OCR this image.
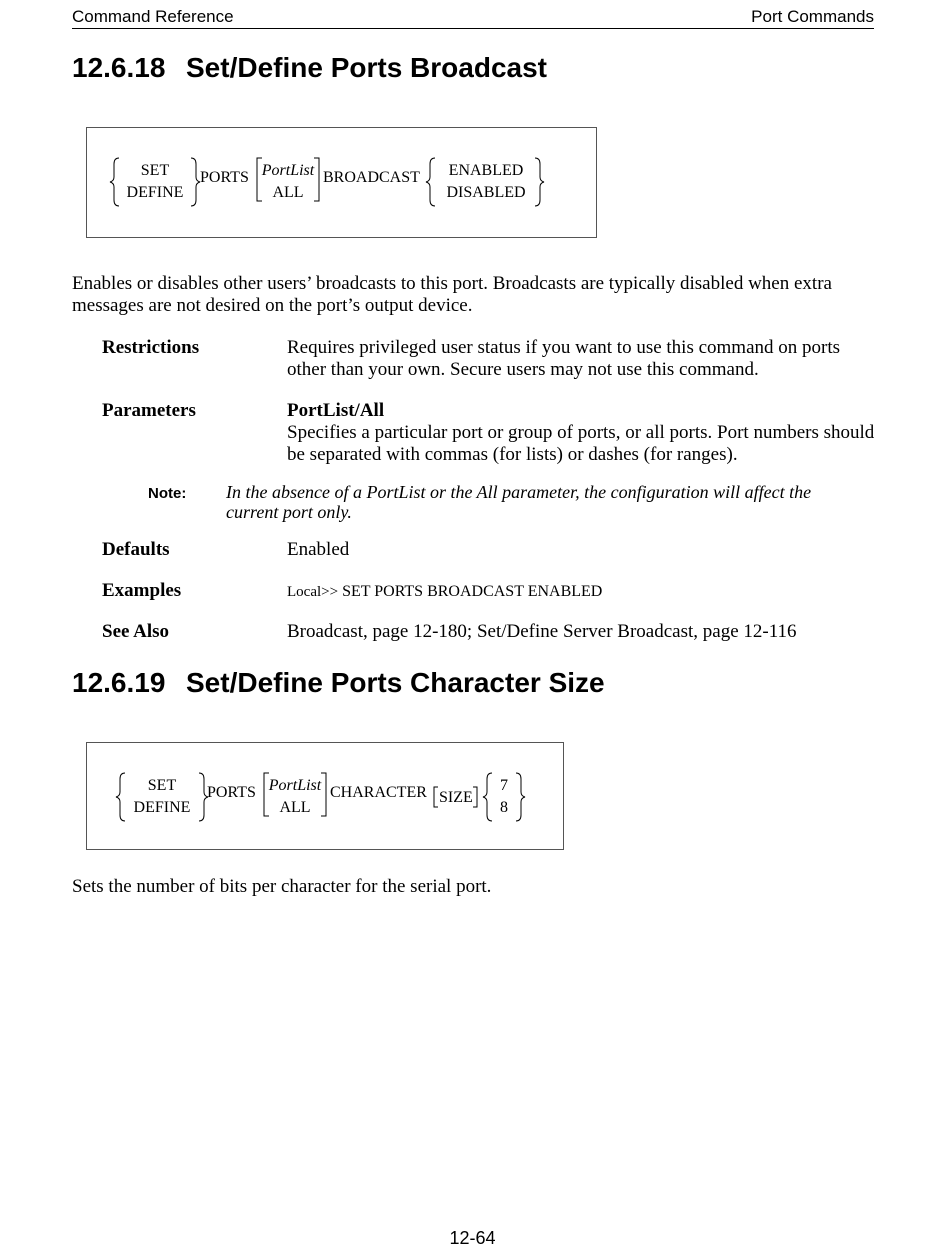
Command Reference	Port Commands
12.6.18 Set/Define Ports Broadcast
SET
DEFINE
PORTS PortList
ALL
BROADCAST ENABLED
DISABLED
Enables or disables other users’ broadcasts to this port. Broadcasts are typically disabled when extra messages are not desired on the port’s output device.
Restrictions	Requires privileged user status if you want to use this command on ports other than your own. Secure users may not use this command.
Parameters	PortList/All
Specifies a particular port or group of ports, or all ports. Port numbers should be separated with commas (for lists) or dashes (for ranges).
Note: In the absence of a PortList or the All parameter, the configuration will affect the current port only.
Defaults	Enabled
Examples	Local>> SET PORTS BROADCAST ENABLED
See Also	Broadcast, page 12-180; Set/Define Server Broadcast, page 12-116
12.6.19 Set/Define Ports Character Size
SET
DEFINE
PORTS PortList
ALL
CHARACTER SIZE
7
8
Sets the number of bits per character for the serial port.
12-64
